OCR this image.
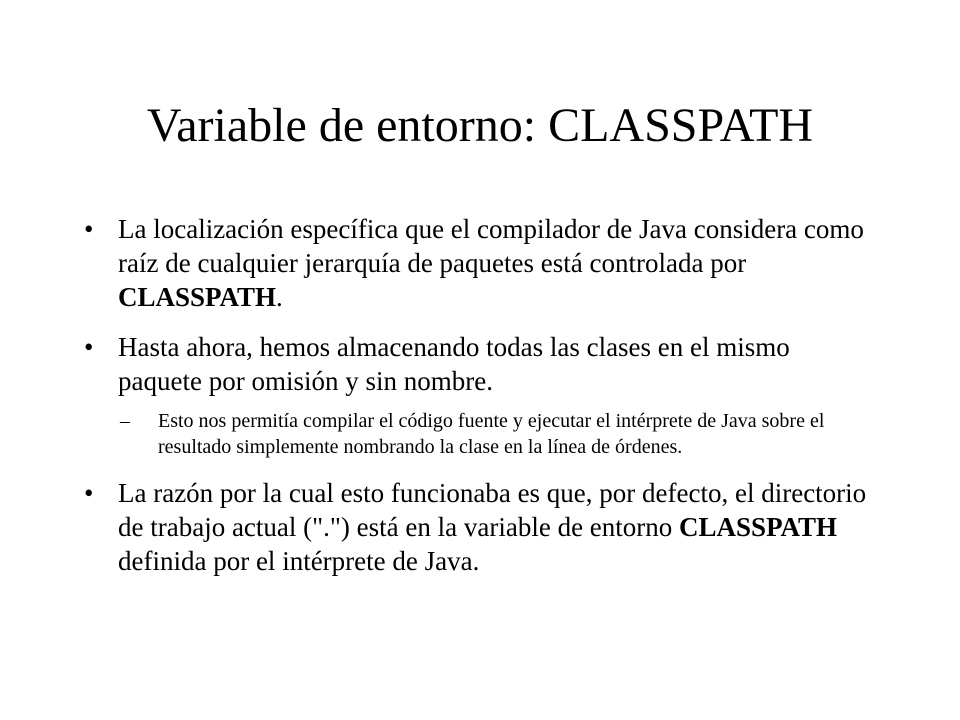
Variable de entorno: CLASSPATH
• La localización específica que el compilador de Java considera como raíz de cualquier jerarquía de paquetes está controlada por CLASSPATH.
• Hasta ahora, hemos almacenando todas las clases en el mismo paquete por omisión y sin nombre.
– Esto nos permitía compilar el código fuente y ejecutar el intérprete de Java sobre el resultado simplemente nombrando la clase en la línea de órdenes.
• La razón por la cual esto funcionaba es que, por defecto, el directorio de trabajo actual (".") está en la variable de entorno CLASSPATH definida por el intérprete de Java.
